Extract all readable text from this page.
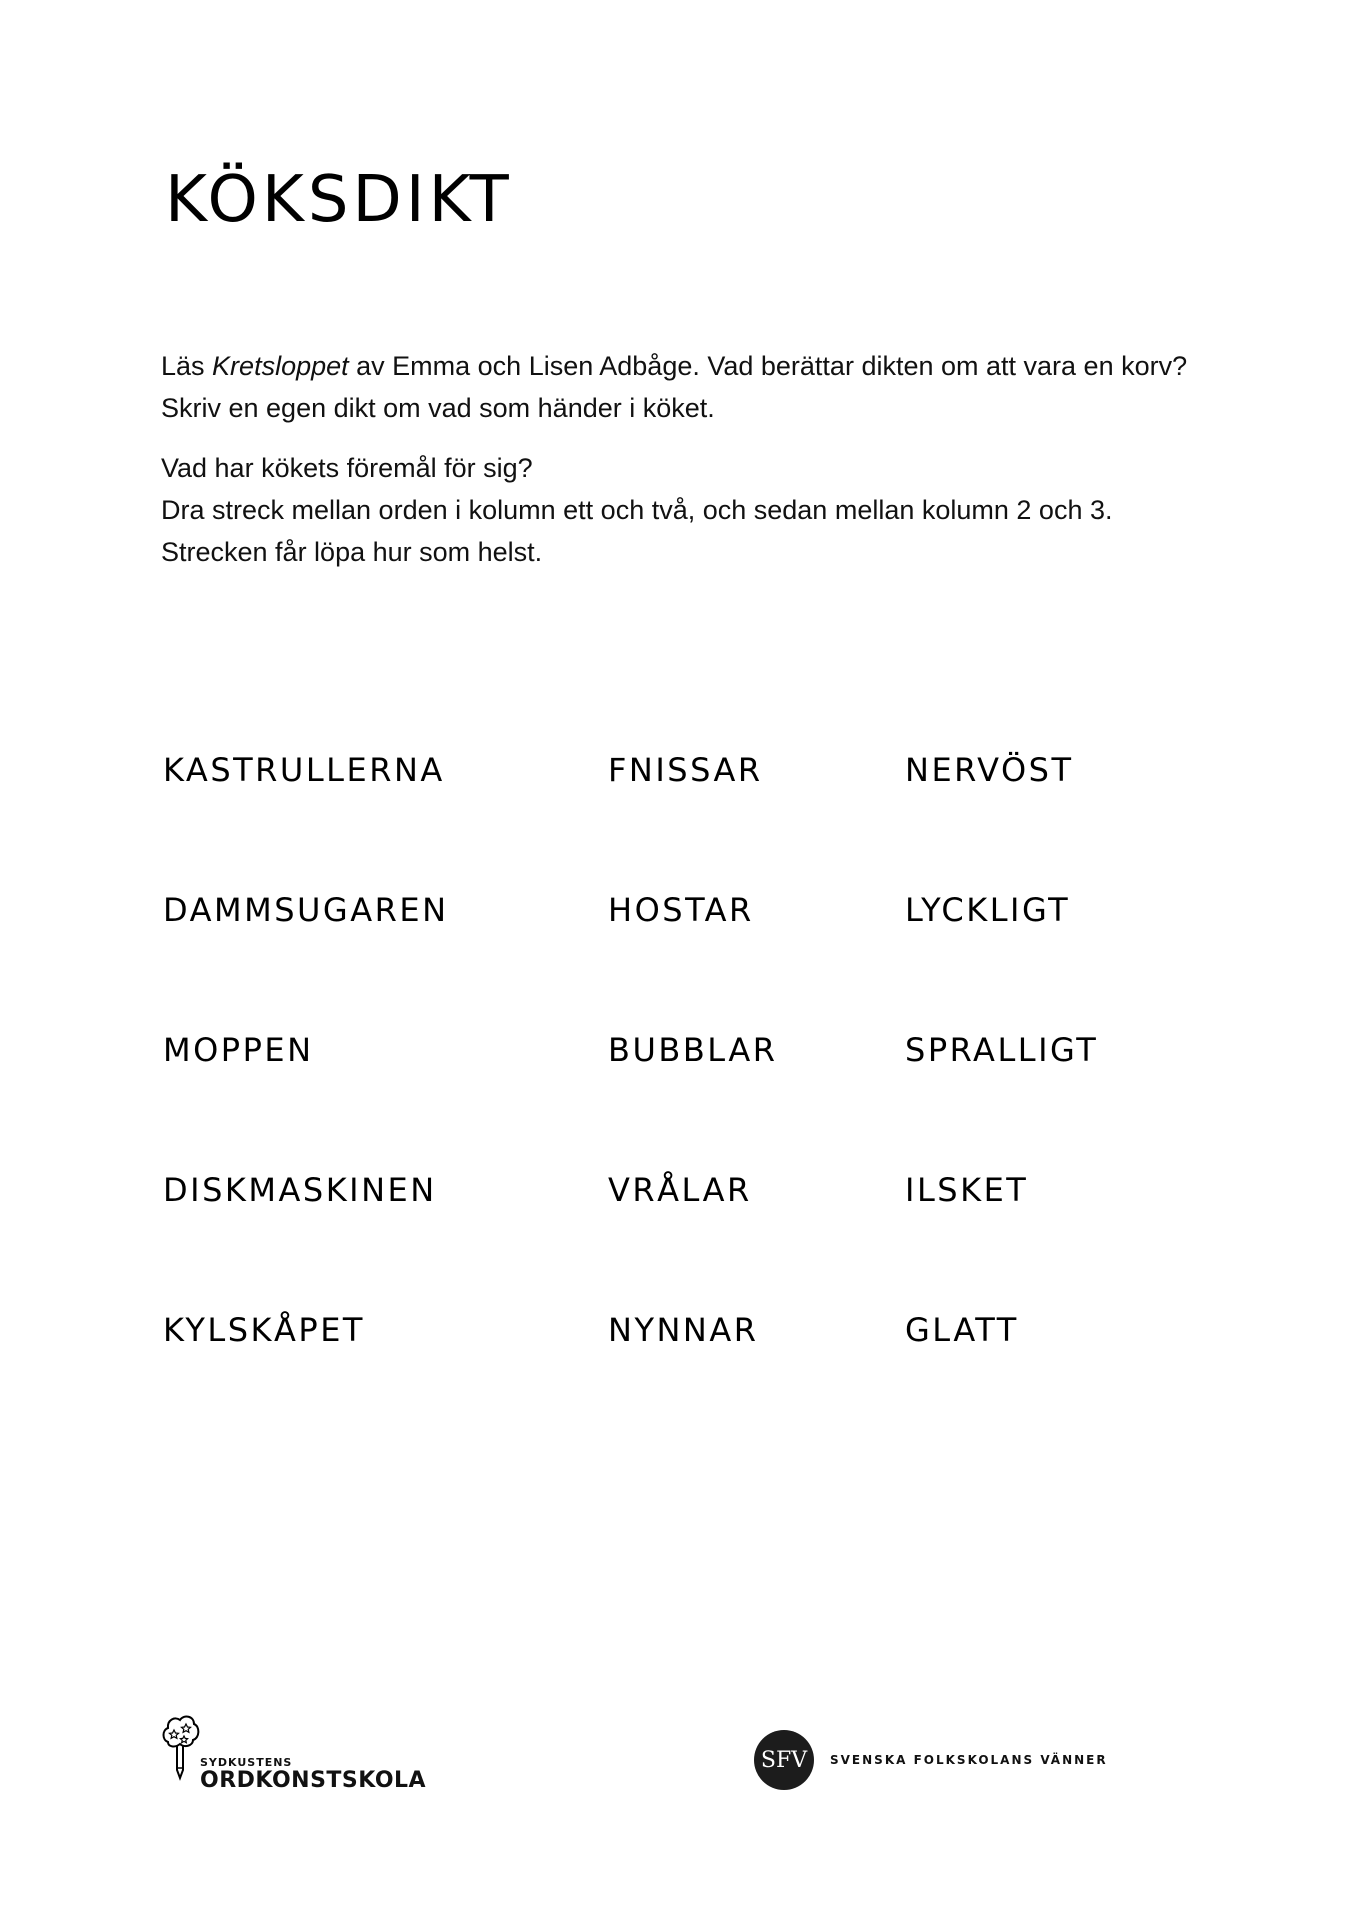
KÖKSDIKT

Läs Kretsloppet av Emma och Lisen Adbåge. Vad berättar dikten om att vara en korv? Skriv en egen dikt om vad som händer i köket.

Vad har kökets föremål för sig?
Dra streck mellan orden i kolumn ett och två, och sedan mellan kolumn 2 och 3.
Strecken får löpa hur som helst.

KASTRULLERNA
DAMMSUGAREN
MOPPEN
DISKMASKINEN
KYLSKÅPET
FNISSAR
HOSTAR
BUBBLAR
VRÅLAR
NYNNAR
NERVÖST
LYCKLIGT
SPRALLIGT
ILSKET
GLATT
SYDKUSTENS
ORDKONSTSKOLA
SFV	SVENSKA FOLKSKOLANS VÄNNER
